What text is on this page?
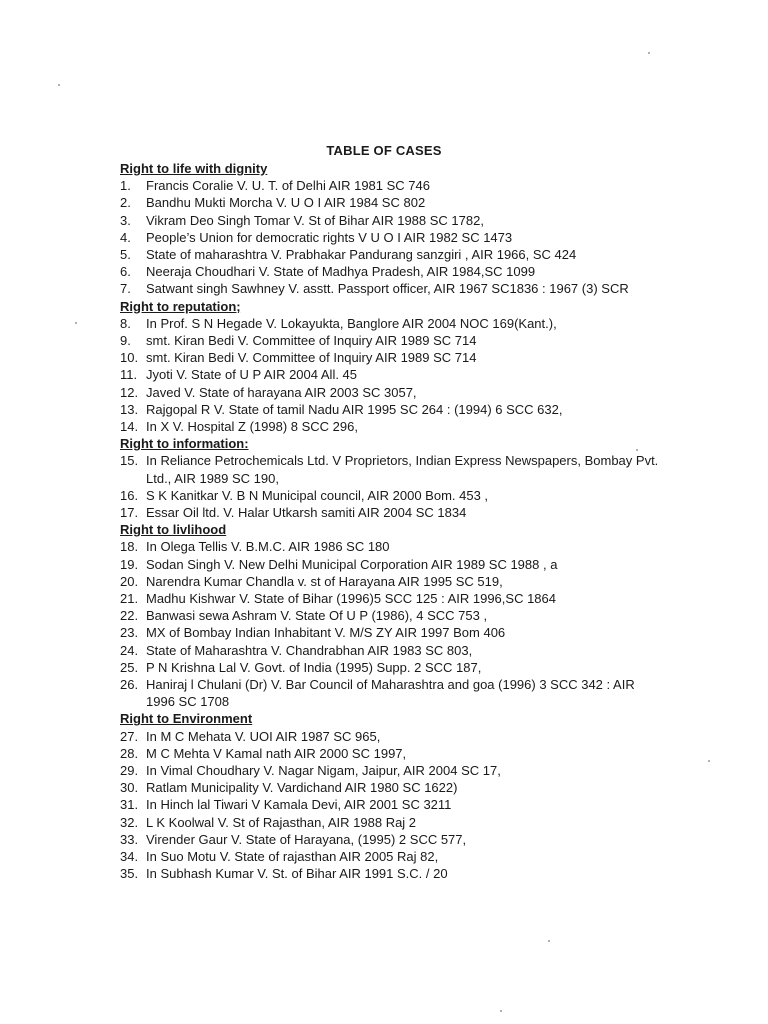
TABLE OF CASES
Right to life with dignity
1.	Francis Coralie V. U. T. of Delhi AIR 1981 SC 746
2.	Bandhu Mukti Morcha V. U O I AIR 1984 SC 802
3.	Vikram Deo Singh Tomar V. St of Bihar AIR 1988 SC 1782,
4.	People’s Union for democratic rights V U O I AIR 1982 SC 1473
5.	State of maharashtra V. Prabhakar Pandurang sanzgiri , AIR 1966, SC 424
6.	Neeraja Choudhari V. State of Madhya Pradesh, AIR 1984,SC 1099
7.	Satwant singh Sawhney V. asstt. Passport officer, AIR 1967 SC1836 : 1967 (3) SCR
Right to reputation;
8.	In Prof. S N Hegade V. Lokayukta, Banglore AIR 2004 NOC 169(Kant.),
9.	smt. Kiran Bedi V. Committee of Inquiry AIR 1989 SC 714
10. smt. Kiran Bedi V. Committee of Inquiry AIR 1989 SC 714
11. Jyoti V. State of U P AIR 2004 All. 45
12. Javed V. State of harayana AIR 2003 SC 3057,
13. Rajgopal R V. State of tamil Nadu AIR 1995 SC 264 : (1994) 6 SCC 632,
14. In X V. Hospital Z (1998) 8 SCC 296,
Right to information:
15. In Reliance Petrochemicals Ltd. V Proprietors, Indian Express Newspapers, Bombay Pvt. Ltd., AIR 1989 SC 190,
16. S K Kanitkar V. B N Municipal council, AIR 2000 Bom. 453 ,
17. Essar Oil ltd. V. Halar Utkarsh samiti AIR 2004 SC 1834
Right to livlihood
18. In Olega Tellis V. B.M.C. AIR 1986 SC 180
19. Sodan Singh V. New Delhi Municipal Corporation AIR 1989 SC 1988 , a
20. Narendra Kumar Chandla v. st of Harayana AIR 1995 SC 519,
21. Madhu Kishwar V. State of Bihar (1996)5 SCC 125 : AIR 1996,SC 1864
22. Banwasi sewa Ashram V. State Of U P (1986), 4 SCC 753 ,
23. MX of Bombay Indian Inhabitant V. M/S ZY AIR 1997 Bom 406
24. State of Maharashtra V. Chandrabhan AIR 1983 SC 803,
25. P N Krishna Lal V. Govt. of India (1995) Supp. 2 SCC 187,
26. Haniraj l Chulani (Dr) V. Bar Council of Maharashtra and goa (1996) 3 SCC 342 : AIR 1996 SC 1708
Right to Environment
27. In M C Mehata V. UOI AIR 1987 SC 965,
28. M C Mehta V Kamal nath AIR 2000 SC 1997,
29. In Vimal Choudhary V. Nagar Nigam, Jaipur, AIR 2004 SC 17,
30. Ratlam Municipality V. Vardichand AIR 1980 SC 1622)
31. In Hinch lal Tiwari V Kamala Devi, AIR 2001 SC 3211
32. L K Koolwal V. St of Rajasthan, AIR 1988 Raj 2
33. Virender Gaur V. State of Harayana, (1995) 2 SCC 577,
34. In Suo Motu V. State of rajasthan AIR 2005 Raj 82,
35. In Subhash Kumar V. St. of Bihar AIR 1991 S.C. / 20
